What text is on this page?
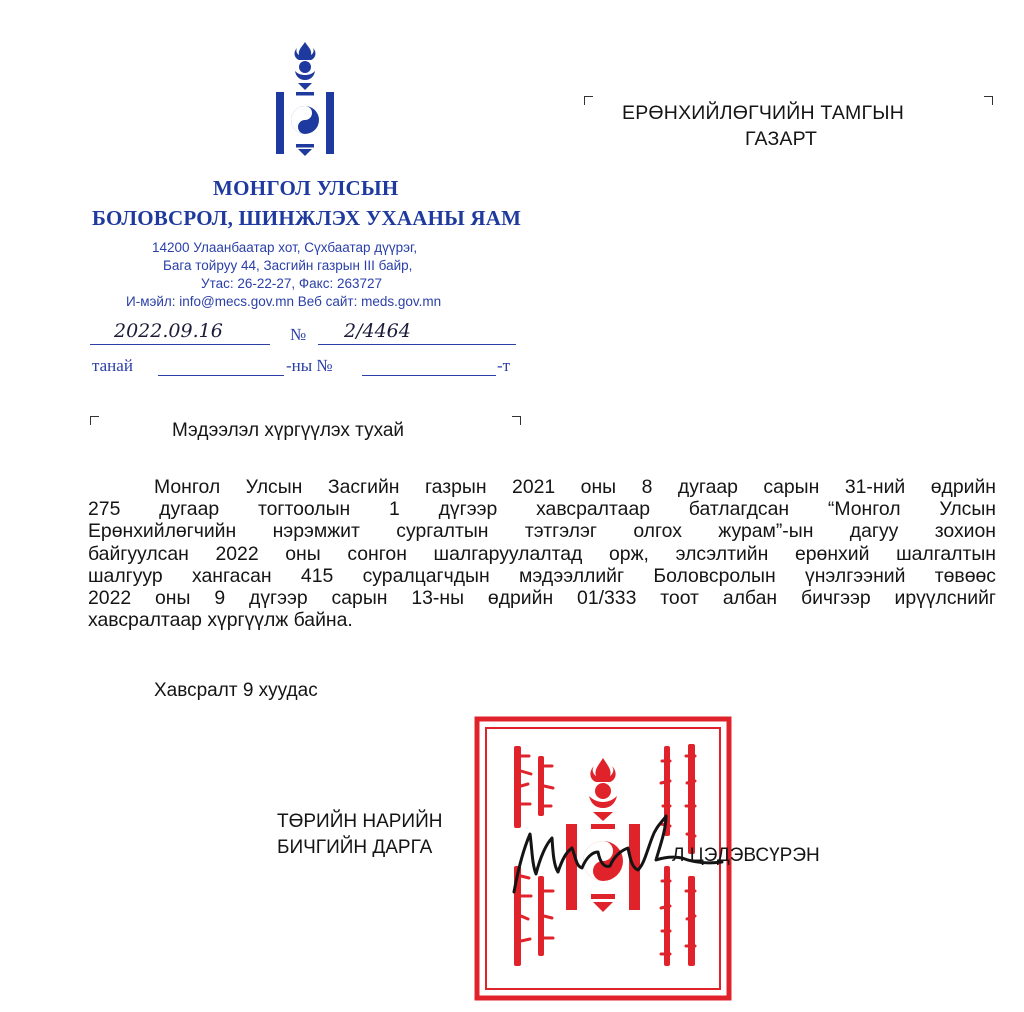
МОНГОЛ УЛСЫН
БОЛОВСРОЛ, ШИНЖЛЭХ УХААНЫ ЯАМ
14200 Улаанбаатар хот, Сүхбаатар дүүрэг,
Бага тойруу 44, Засгийн газрын III байр,
Утас: 26-22-27, Факс: 263727
И-мэйл: info@mecs.gov.mn Веб сайт: meds.gov.mn
2022.09.16	№ 2/4464
танай	-ны №	-т
ЕРӨНХИЙЛӨГЧИЙН ТАМГЫН
ГАЗАРТ
Мэдээлэл хүргүүлэх тухай
Монгол Улсын Засгийн газрын 2021 оны 8 дугаар сарын 31-ний өдрийн
275 дугаар тогтоолын 1 дүгээр хавсралтаар батлагдсан “Монгол Улсын
Ерөнхийлөгчийн нэрэмжит сургалтын тэтгэлэг олгох журам”-ын дагуу зохион
байгуулсан 2022 оны сонгон шалгаруулалтад орж, элсэлтийн ерөнхий шалгалтын
шалгуур хангасан 415 суралцагчдын мэдээллийг Боловсролын үнэлгээний төвөөс
2022 оны 9 дүгээр сарын 13-ны өдрийн 01/333 тоот албан бичгээр ирүүлснийг
хавсралтаар хүргүүлж байна.
Хавсралт 9 хуудас
ТӨРИЙН НАРИЙН
БИЧГИЙН ДАРГА	Л.ЦЭДЭВСҮРЭН
